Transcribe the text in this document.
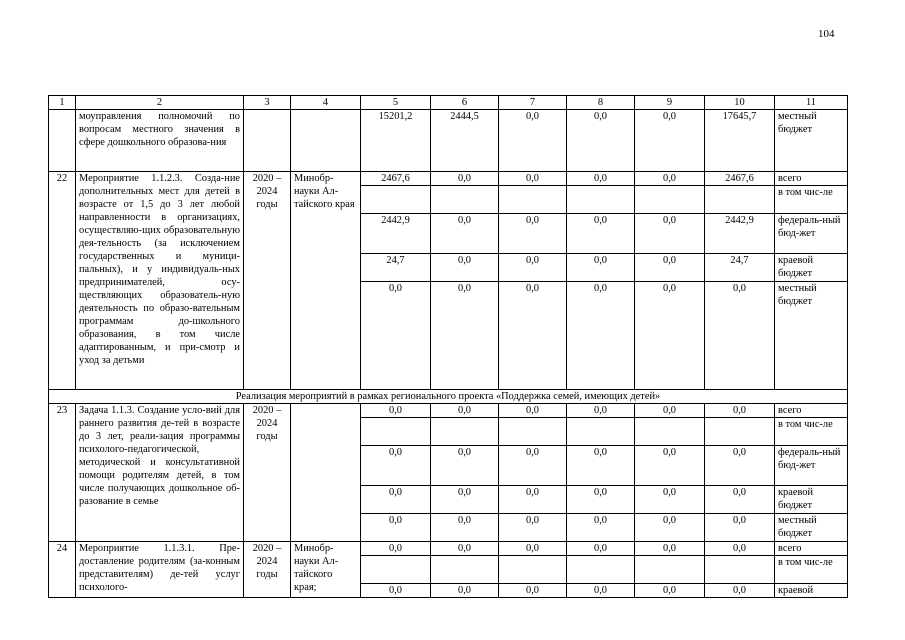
104
1	2	3	4	5	6	7	8	9	10	11
	моуправления полномочий по вопросам местного значения в сфере дошкольного образова-ния			15201,2	2444,5	0,0	0,0	0,0	17645,7	местный бюджет
22	Мероприятие 1.1.2.3. Созда-ние дополнительных мест для детей в возрасте от 1,5 до 3 лет любой направленности в организациях, осуществляю-щих образовательную дея-тельность (за исключением государственных и муници-пальных), и у индивидуаль-ных предпринимателей, осу-ществляющих образователь-ную деятельность по образо-вательным программам до-школьного образования, в том числе адаптированным, и при-смотр и уход за детьми	2020 – 2024 годы	Минобр-науки Ал-тайского края	2467,6	0,0	0,0	0,0	0,0	2467,6	всего
										в том чис-ле
				2442,9	0,0	0,0	0,0	0,0	2442,9	федераль-ный бюд-жет
				24,7	0,0	0,0	0,0	0,0	24,7	краевой бюджет
				0,0	0,0	0,0	0,0	0,0	0,0	местный бюджет
Реализация мероприятий в рамках регионального проекта «Поддержка семей, имеющих детей»										
23	Задача 1.1.3. Создание усло-вий для раннего развития де-тей в возрасте до 3 лет, реали-зация программы психолого-педагогической, методической и консультативной помощи родителям детей, в том числе получающих дошкольное об-разование в семье	2020 – 2024 годы		0,0	0,0	0,0	0,0	0,0	0,0	всего
										в том чис-ле
				0,0	0,0	0,0	0,0	0,0	0,0	федераль-ный бюд-жет
				0,0	0,0	0,0	0,0	0,0	0,0	краевой бюджет
				0,0	0,0	0,0	0,0	0,0	0,0	местный бюджет
24	Мероприятие 1.1.3.1. Пре-доставление родителям (за-конным представителям) де-тей услуг психолого-	2020 – 2024 годы	Минобр-науки Ал-тайского края;	0,0	0,0	0,0	0,0	0,0	0,0	всего
										в том чис-ле
				0,0	0,0	0,0	0,0	0,0	0,0	краевой
